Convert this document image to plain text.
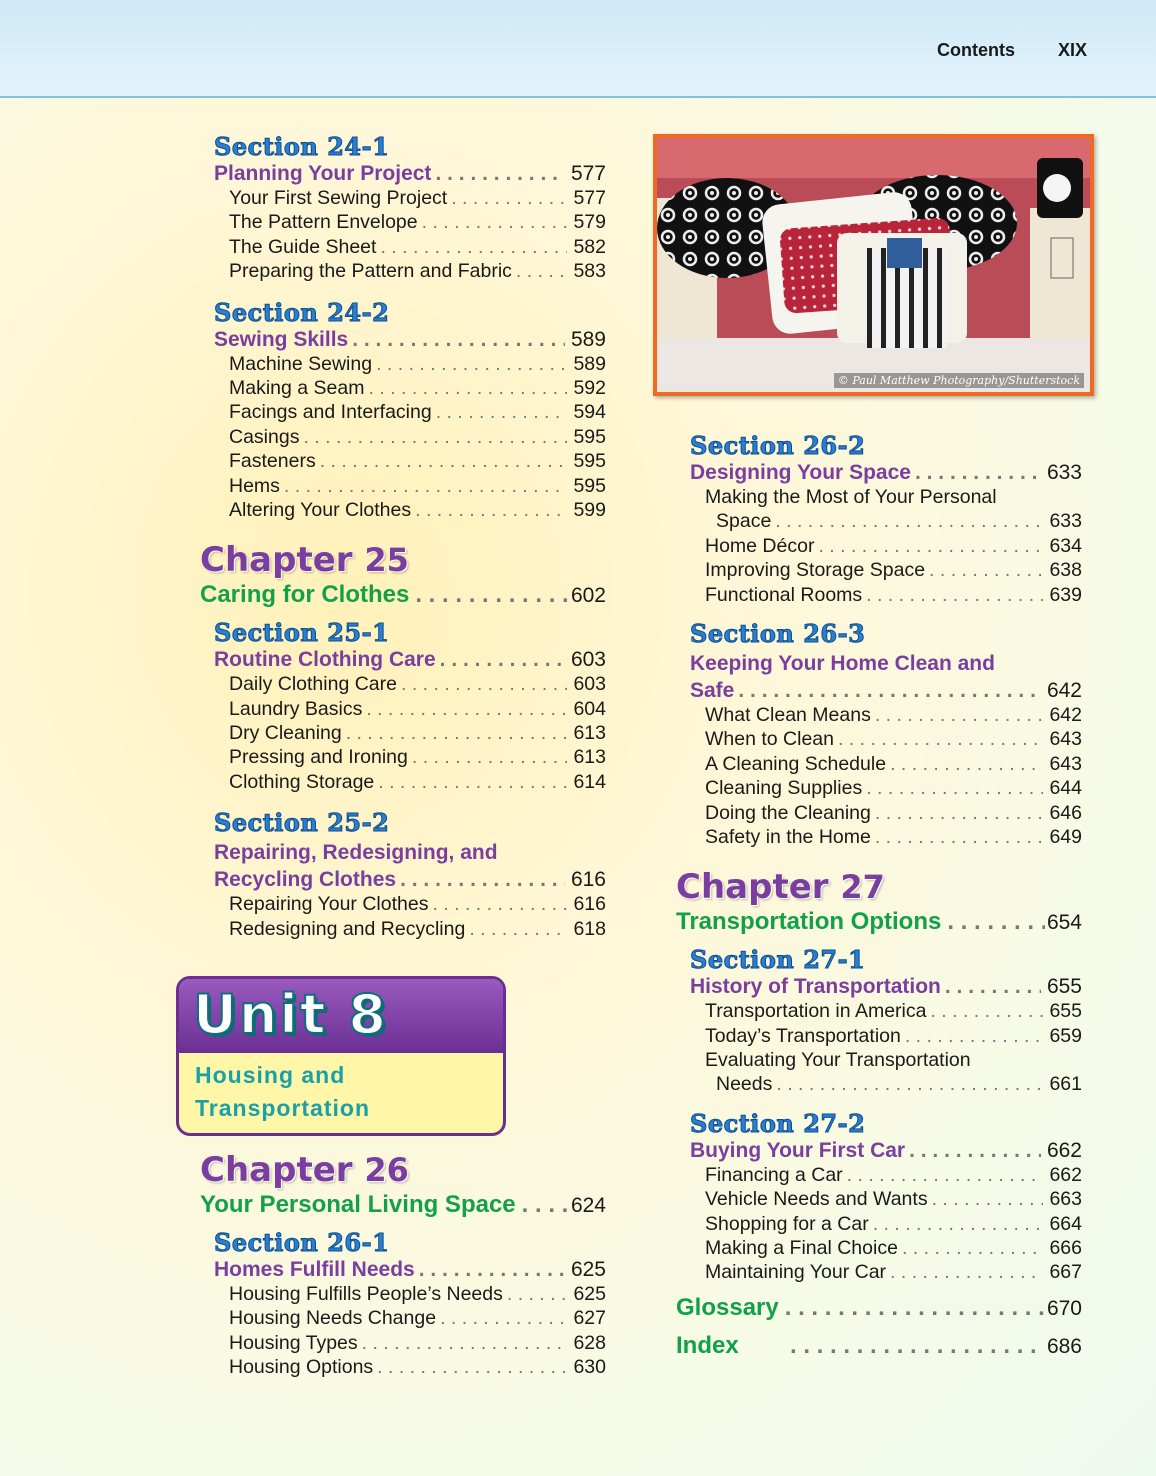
Contents XIX
Section 24-1
Planning Your Project . . .	577
Your First Sewing Project . . .	577
The Pattern Envelope . . .	579
The Guide Sheet . . .	582
Preparing the Pattern and Fabric . . .	583
Section 24-2
Sewing Skills . . .	589
Machine Sewing . . .	589
Making a Seam . . .	592
Facings and Interfacing . . .	594
Casings . . .	595
Fasteners . . .	595
Hems . . .	595
Altering Your Clothes . . .	599
Chapter 25
Caring for Clothes . . .	602
Section 25-1
Routine Clothing Care . . .	603
Daily Clothing Care . . .	603
Laundry Basics . . .	604
Dry Cleaning . . .	613
Pressing and Ironing . . .	613
Clothing Storage . . .	614
Section 25-2
Repairing, Redesigning, and
Recycling Clothes . . .	616
Repairing Your Clothes . . .	616
Redesigning and Recycling . . .	618
Unit 8
Housing and
Transportation
Chapter 26
Your Personal Living Space . . .	624
Section 26-1
Homes Fulfill Needs . . .	625
Housing Fulfills People’s Needs . . .	625
Housing Needs Change . . .	627
Housing Types . . .	628
Housing Options . . .	630
© Paul Matthew Photography/Shutterstock
Section 26-2
Designing Your Space . . .	633
Making the Most of Your Personal
Space . . .	633
Home Décor . . .	634
Improving Storage Space . . .	638
Functional Rooms . . .	639
Section 26-3
Keeping Your Home Clean and
Safe . . .	642
What Clean Means . . .	642
When to Clean . . .	643
A Cleaning Schedule . . .	643
Cleaning Supplies . . .	644
Doing the Cleaning . . .	646
Safety in the Home . . .	649
Chapter 27
Transportation Options . . .	654
Section 27-1
History of Transportation . . .	655
Transportation in America . . .	655
Today’s Transportation . . .	659
Evaluating Your Transportation
Needs . . .	661
Section 27-2
Buying Your First Car . . .	662
Financing a Car . . .	662
Vehicle Needs and Wants . . .	663
Shopping for a Car . . .	664
Making a Final Choice . . .	666
Maintaining Your Car . . .	667
Glossary . . .	670
Index . . .	686
